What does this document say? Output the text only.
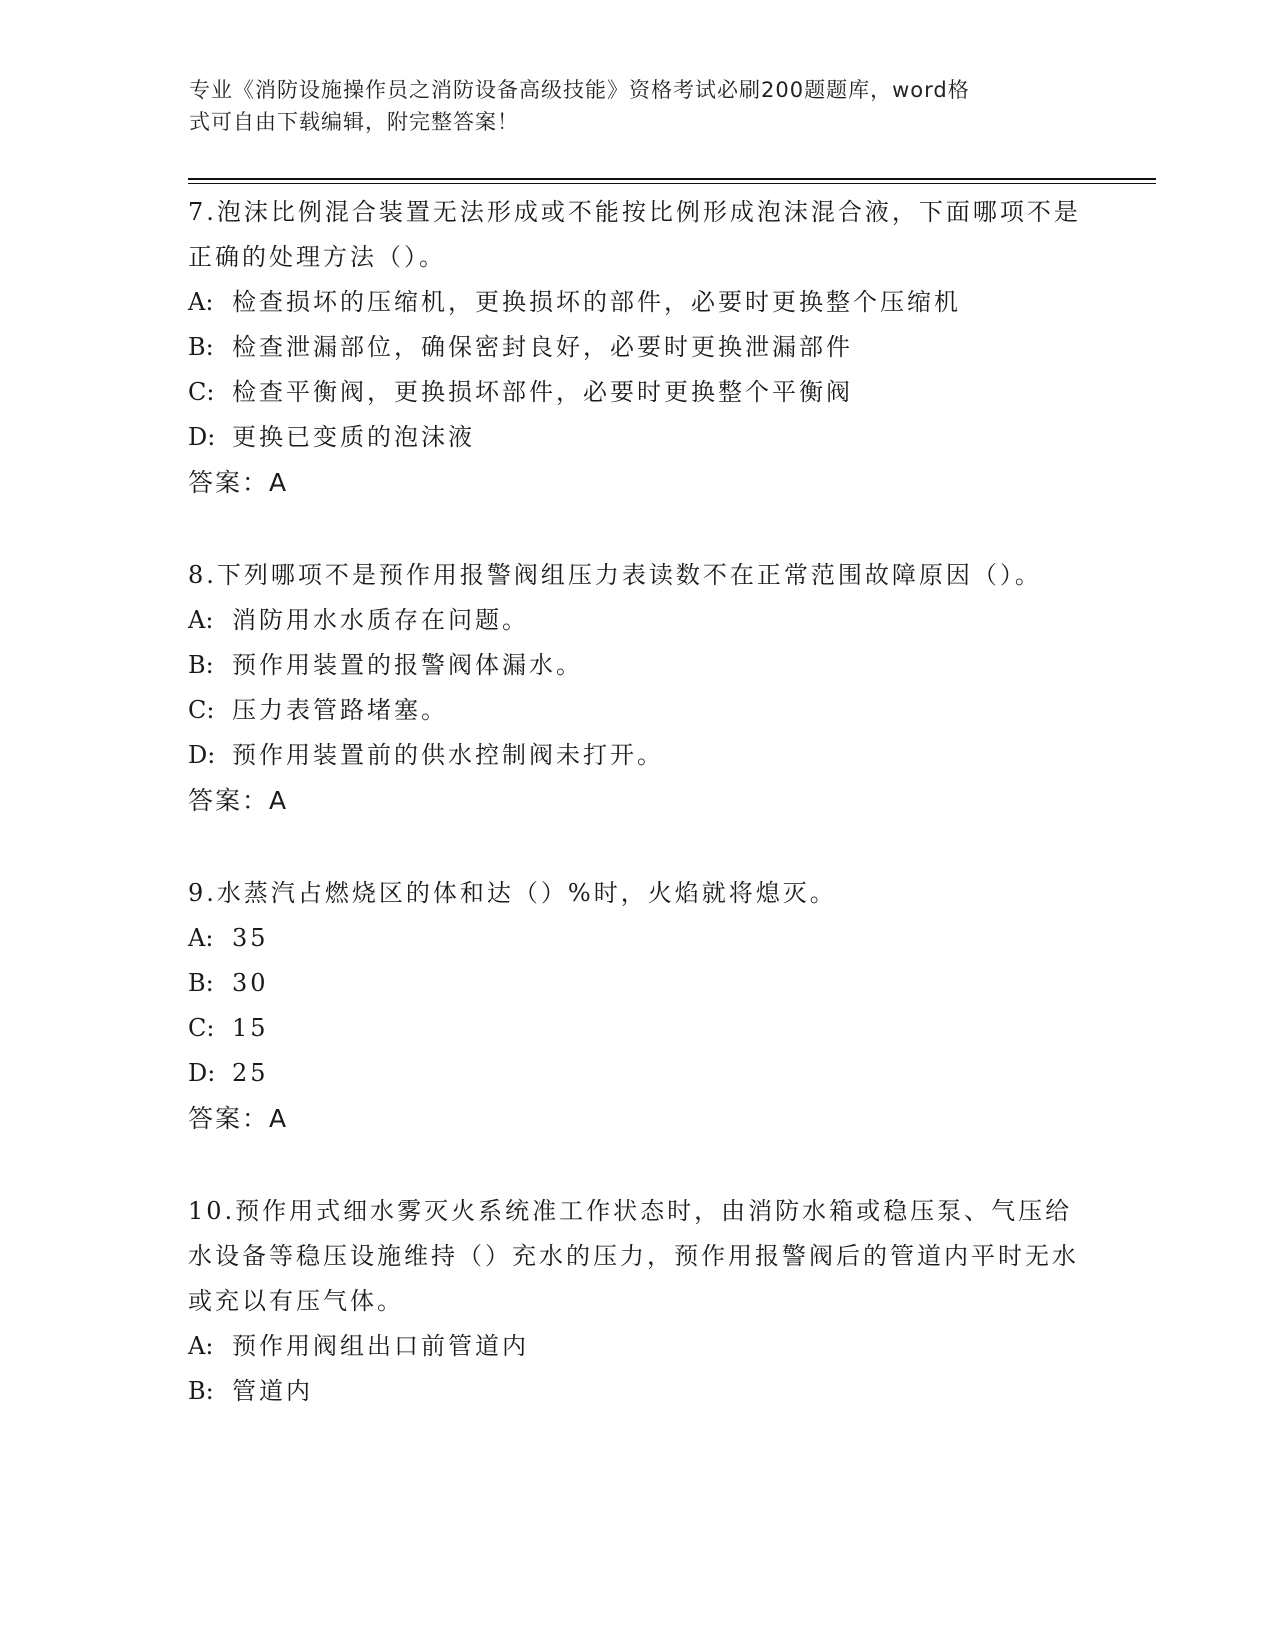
专业《消防设施操作员之消防设备高级技能》资格考试必刷200题题库，word格
式可自由下载编辑，附完整答案！

7.泡沫比例混合装置无法形成或不能按比例形成泡沫混合液，下面哪项不是正确的处理方法（）。

A: 检查损坏的压缩机，更换损坏的部件，必要时更换整个压缩机
B: 检查泄漏部位，确保密封良好，必要时更换泄漏部件
C: 检查平衡阀，更换损坏部件，必要时更换整个平衡阀
D: 更换已变质的泡沫液
答案：A

8.下列哪项不是预作用报警阀组压力表读数不在正常范围故障原因（）。

A: 消防用水水质存在问题。
B: 预作用装置的报警阀体漏水。
C: 压力表管路堵塞。
D: 预作用装置前的供水控制阀未打开。
答案：A

9.水蒸汽占燃烧区的体和达（）%时，火焰就将熄灭。

A: 35
B: 30
C: 15
D: 25
答案：A

10.预作用式细水雾灭火系统准工作状态时，由消防水箱或稳压泵、气压给水设备等稳压设施维持（）充水的压力，预作用报警阀后的管道内平时无水或充以有压气体。

A: 预作用阀组出口前管道内
B: 管道内
